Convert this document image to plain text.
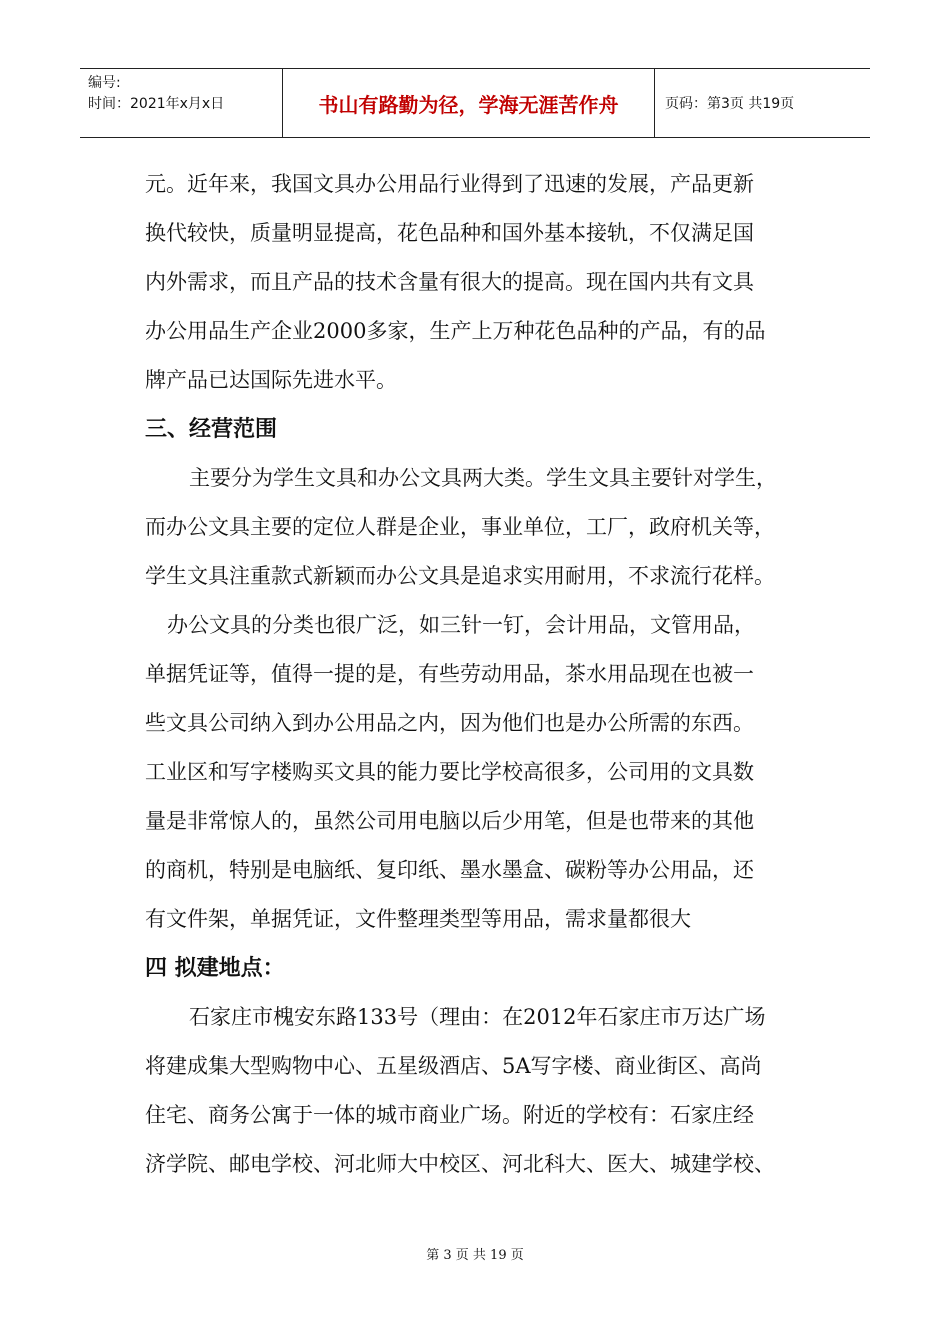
编号:
时间：2021年x月x日	书山有路勤为径，学海无涯苦作舟	页码：第3页 共19页
元。近年来，我国文具办公用品行业得到了迅速的发展，产品更新
换代较快，质量明显提高，花色品种和国外基本接轨，不仅满足国
内外需求，而且产品的技术含量有很大的提高。现在国内共有文具
办公用品生产企业2000多家，生产上万种花色品种的产品，有的品
牌产品已达国际先进水平。
三、经营范围
主要分为学生文具和办公文具两大类。学生文具主要针对学生，
而办公文具主要的定位人群是企业，事业单位，工厂，政府机关等，
学生文具注重款式新颖而办公文具是追求实用耐用，不求流行花样。
办公文具的分类也很广泛，如三针一钉，会计用品，文管用品，
单据凭证等，值得一提的是，有些劳动用品，茶水用品现在也被一
些文具公司纳入到办公用品之内，因为他们也是办公所需的东西。
工业区和写字楼购买文具的能力要比学校高很多，公司用的文具数
量是非常惊人的，虽然公司用电脑以后少用笔，但是也带来的其他
的商机，特别是电脑纸、复印纸、墨水墨盒、碳粉等办公用品，还
有文件架，单据凭证，文件整理类型等用品，需求量都很大
四 拟建地点：
石家庄市槐安东路133号（理由：在2012年石家庄市万达广场
将建成集大型购物中心、五星级酒店、5A写字楼、商业街区、高尚
住宅、商务公寓于一体的城市商业广场。附近的学校有：石家庄经
济学院、邮电学校、河北师大中校区、河北科大、医大、城建学校、
第 3 页 共 19 页
